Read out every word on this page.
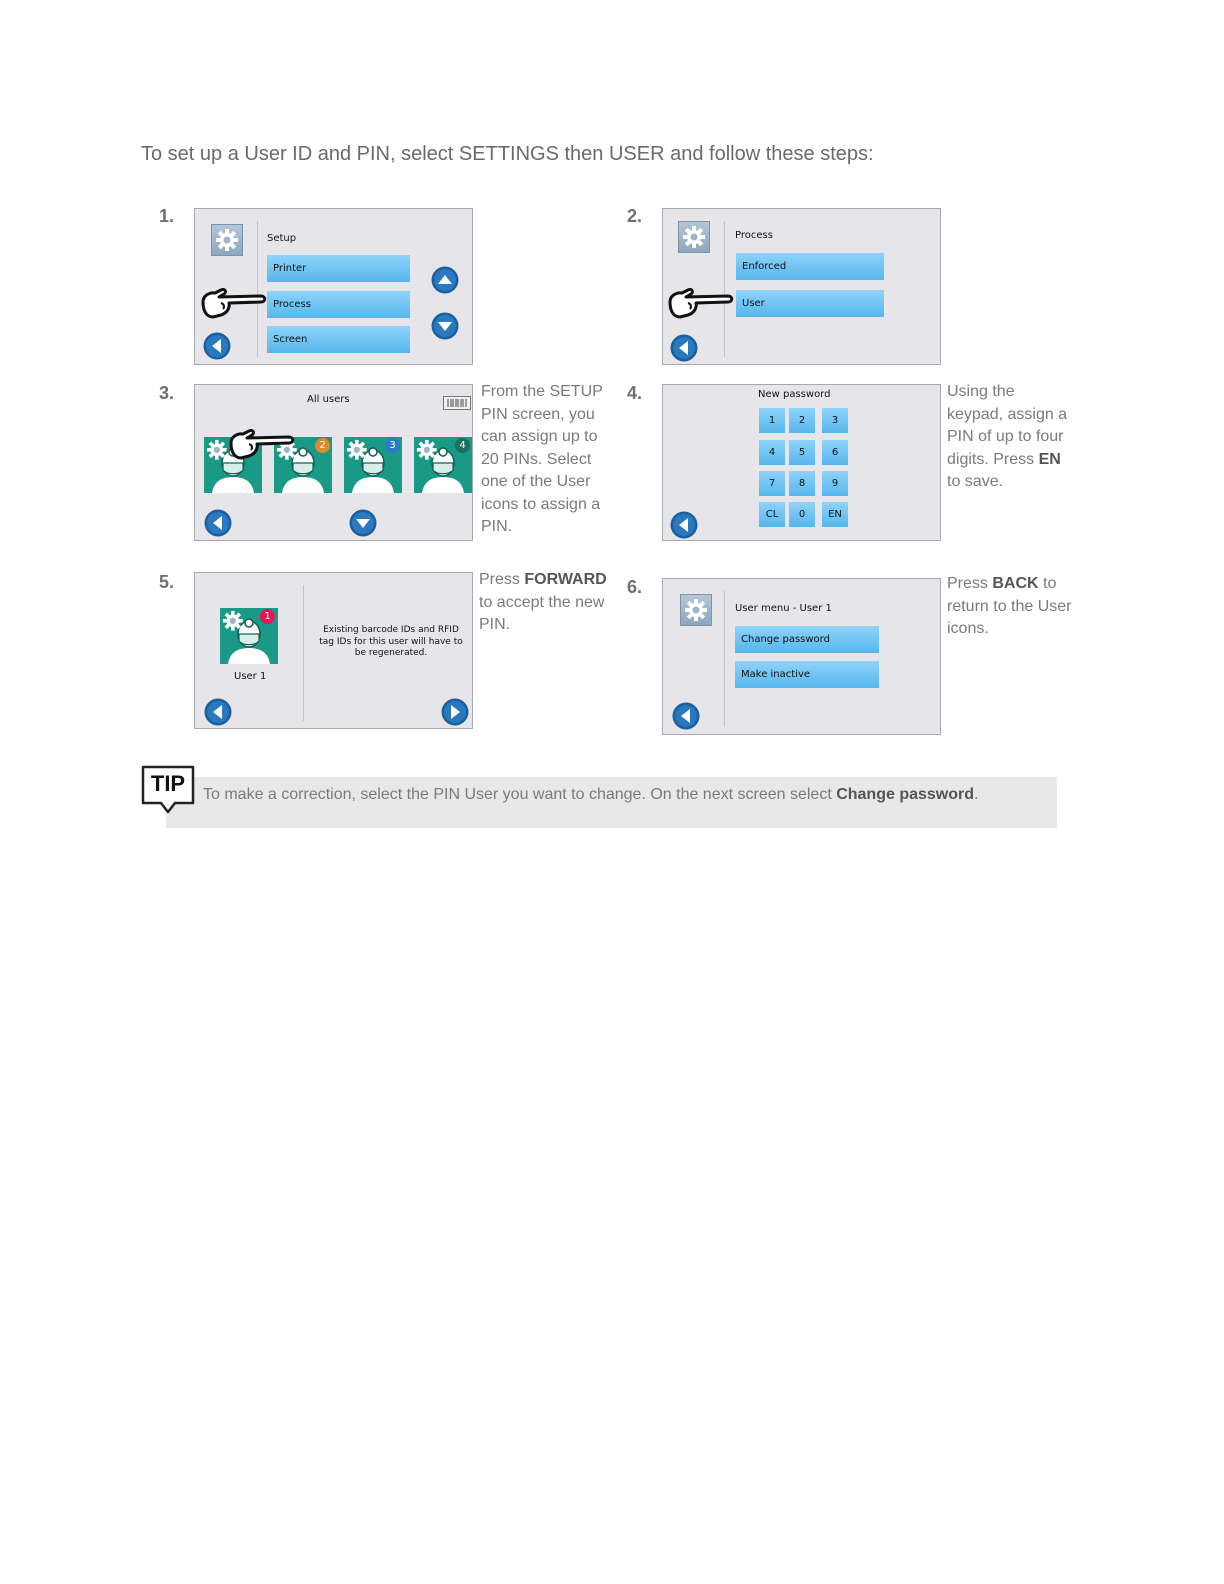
To set up a User ID and PIN, select SETTINGS then USER and follow these steps:
1.
Setup
Printer
Process
Screen
2.
Process
Enforced
User
3.	All users
2	3	4
From the SETUP PIN screen, you can assign up to 20 PINs. Select one of the User icons to assign a PIN.
4.	New password
1	2	3
4	5	6
7	8	9
CL	0	EN
Using the keypad, assign a PIN of up to four digits. Press EN to save.
5.
1
User 1
Existing barcode IDs and RFID tag IDs for this user will have to be regenerated.
Press FORWARD to accept the new PIN.
6.
User menu - User 1
Change password
Make inactive
Press BACK to return to the User icons.
TIP	To make a correction, select the PIN User you want to change. On the next screen select Change password.
